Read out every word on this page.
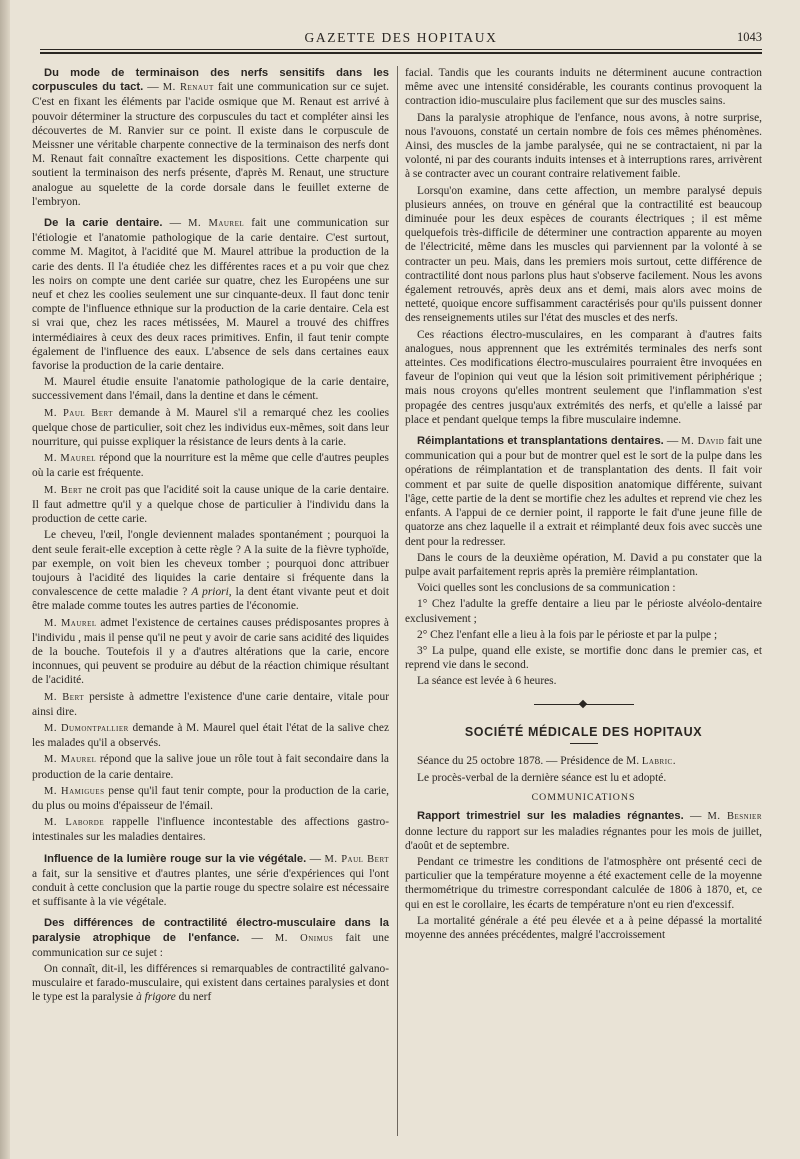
GAZETTE DES HOPITAUX	1043

Du mode de terminaison des nerfs sensitifs dans les corpuscules du tact. — M. Renaut fait une communication sur ce sujet. C'est en fixant les éléments par l'acide osmique que M. Renaut est arrivé à pouvoir déterminer la structure des corpuscules du tact et compléter ainsi les découvertes de M. Ranvier sur ce point. Il existe dans le corpuscule de Meissner une véritable charpente connective de la terminaison des nerfs dont M. Renaut fait connaître exactement les dispositions. Cette charpente qui soutient la terminaison des nerfs présente, d'après M. Renaut, une structure analogue au squelette de la corde dorsale dans le feuillet externe de l'embryon.

De la carie dentaire. — M. Maurel fait une communication sur l'étiologie et l'anatomie pathologique de la carie dentaire. C'est surtout, comme M. Magitot, à l'acidité que M. Maurel attribue la production de la carie des dents. Il l'a étudiée chez les différentes races et a pu voir que chez les noirs on compte une dent cariée sur quatre, chez les Européens une sur neuf et chez les coolies seulement une sur cinquante-deux. Il faut donc tenir compte de l'influence ethnique sur la production de la carie dentaire. Cela est si vrai que, chez les races métissées, M. Maurel a trouvé des chiffres intermédiaires à ceux des deux races primitives. Enfin, il faut tenir compte également de l'influence des eaux. L'absence de sels dans certaines eaux favorise la production de la carie dentaire.

M. Maurel étudie ensuite l'anatomie pathologique de la carie dentaire, successivement dans l'émail, dans la dentine et dans le cément.

M. Paul Bert demande à M. Maurel s'il a remarqué chez les coolies quelque chose de particulier, soit chez les individus eux-mêmes, soit dans leur nourriture, qui puisse expliquer la résistance de leurs dents à la carie.

M. Maurel répond que la nourriture est la même que celle d'autres peuples où la carie est fréquente.

M. Bert ne croit pas que l'acidité soit la cause unique de la carie dentaire. Il faut admettre qu'il y a quelque chose de particulier à l'individu dans la production de cette carie.

Le cheveu, l'œil, l'ongle deviennent malades spontanément ; pourquoi la dent seule ferait-elle exception à cette règle ? A la suite de la fièvre typhoïde, par exemple, on voit bien les cheveux tomber ; pourquoi donc attribuer toujours à l'acidité des liquides la carie dentaire si fréquente dans la convalescence de cette maladie ? A priori, la dent étant vivante peut et doit être malade comme toutes les autres parties de l'économie.

M. Maurel admet l'existence de certaines causes prédisposantes propres à l'individu , mais il pense qu'il ne peut y avoir de carie sans acidité des liquides de la bouche. Toutefois il y a d'autres altérations que la carie, encore inconnues, qui peuvent se produire au début de la réaction chimique résultant de l'acidité.

M. Bert persiste à admettre l'existence d'une carie dentaire, vitale pour ainsi dire.

M. Dumontpallier demande à M. Maurel quel était l'état de la salive chez les malades qu'il a observés.

M. Maurel répond que la salive joue un rôle tout à fait secondaire dans la production de la carie dentaire.

M. Hamigues pense qu'il faut tenir compte, pour la production de la carie, du plus ou moins d'épaisseur de l'émail.

M. Laborde rappelle l'influence incontestable des affections gastro-intestinales sur les maladies dentaires.

Influence de la lumière rouge sur la vie végétale. — M. Paul Bert a fait, sur la sensitive et d'autres plantes, une série d'expériences qui l'ont conduit à cette conclusion que la partie rouge du spectre solaire est nécessaire et suffisante à la vie végétale.

Des différences de contractilité électro-musculaire dans la paralysie atrophique de l'enfance. — M. Onimus fait une communication sur ce sujet :

On connaît, dit-il, les différences si remarquables de contractilité galvano-musculaire et farado-musculaire, qui existent dans certaines paralysies et dont le type est la paralysie à frigore du nerf

facial. Tandis que les courants induits ne déterminent aucune contraction même avec une intensité considérable, les courants continus provoquent la contraction idio-musculaire plus facilement que sur des muscles sains.

Dans la paralysie atrophique de l'enfance, nous avons, à notre surprise, nous l'avouons, constaté un certain nombre de fois ces mêmes phénomènes. Ainsi, des muscles de la jambe paralysée, qui ne se contractaient, ni par la volonté, ni par des courants induits intenses et à interruptions rares, arrivèrent à se contracter avec un courant contraire relativement faible.

Lorsqu'on examine, dans cette affection, un membre paralysé depuis plusieurs années, on trouve en général que la contractilité est beaucoup diminuée pour les deux espèces de courants électriques ; il est même quelquefois très-difficile de déterminer une contraction apparente au moyen de l'électricité, même dans les muscles qui parviennent par la volonté à se contracter un peu. Mais, dans les premiers mois surtout, cette différence de contractilité dont nous parlons plus haut s'observe facilement. Nous les avons également retrouvés, après deux ans et demi, mais alors avec moins de netteté, quoique encore suffisamment caractérisés pour qu'ils puissent donner des renseignements utiles sur l'état des muscles et des nerfs.

Ces réactions électro-musculaires, en les comparant à d'autres faits analogues, nous apprennent que les extrémités terminales des nerfs sont atteintes. Ces modifications électro-musculaires pourraient être invoquées en faveur de l'opinion qui veut que la lésion soit primitivement périphérique ; mais nous croyons qu'elles montrent seulement que l'inflammation s'est propagée des centres jusqu'aux extrémités des nerfs, et qu'elle a laissé par place et pendant quelque temps la fibre musculaire indemne.

Réimplantations et transplantations dentaires. — M. David fait une communication qui a pour but de montrer quel est le sort de la pulpe dans les opérations de réimplantation et de transplantation des dents. Il fait voir comment et par suite de quelle disposition anatomique différente, suivant l'âge, cette partie de la dent se mortifie chez les adultes et reprend vie chez les enfants. A l'appui de ce dernier point, il rapporte le fait d'une jeune fille de quatorze ans chez laquelle il a extrait et réimplanté deux fois avec succès une dent pour la redresser.

Dans le cours de la deuxième opération, M. David a pu constater que la pulpe avait parfaitement repris après la première réimplantation.

Voici quelles sont les conclusions de sa communication :

1° Chez l'adulte la greffe dentaire a lieu par le périoste alvéolo-dentaire exclusivement ;

2° Chez l'enfant elle a lieu à la fois par le périoste et par la pulpe ;

3° La pulpe, quand elle existe, se mortifie donc dans le premier cas, et reprend vie dans le second.

La séance est levée à 6 heures.

SOCIÉTÉ MÉDICALE DES HOPITAUX

Séance du 25 octobre 1878. — Présidence de M. Labric.

Le procès-verbal de la dernière séance est lu et adopté.

COMMUNICATIONS

Rapport trimestriel sur les maladies régnantes. — M. Besnier donne lecture du rapport sur les maladies régnantes pour les mois de juillet, d'août et de septembre.

Pendant ce trimestre les conditions de l'atmosphère ont présenté ceci de particulier que la température moyenne a été exactement celle de la moyenne thermométrique du trimestre correspondant calculée de 1806 à 1870, et, ce qui en est le corollaire, les écarts de température n'ont eu rien d'excessif.

La mortalité générale a été peu élevée et a à peine dépassé la mortalité moyenne des années précédentes, malgré l'accroissement
